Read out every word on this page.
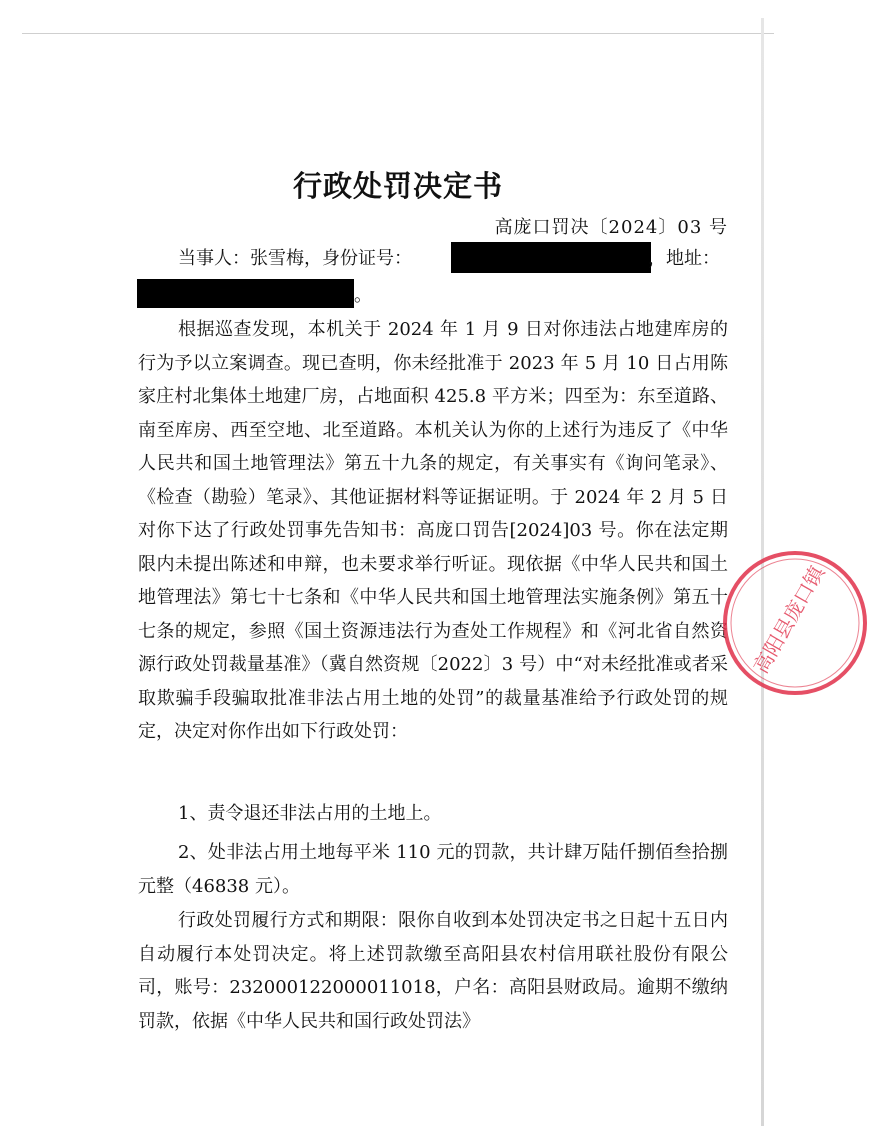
行政处罚决定书
高庞口罚决〔2024〕03 号
当事人：张雪梅，身份证号：	，地址：
。
根据巡查发现，本机关于 2024 年 1 月 9 日对你违法占地建库房的行为予以立案调查。现已查明，你未经批准于 2023 年 5 月 10 日占用陈家庄村北集体土地建厂房，占地面积 425.8 平方米；四至为：东至道路、南至库房、西至空地、北至道路。本机关认为你的上述行为违反了《中华人民共和国土地管理法》第五十九条的规定，有关事实有《询问笔录》、《检查（勘验）笔录》、其他证据材料等证据证明。于 2024 年 2 月 5 日对你下达了行政处罚事先告知书：高庞口罚告[2024]03 号。你在法定期限内未提出陈述和申辩，也未要求举行听证。现依据《中华人民共和国土地管理法》第七十七条和《中华人民共和国土地管理法实施条例》第五十七条的规定，参照《国土资源违法行为查处工作规程》和《河北省自然资源行政处罚裁量基准》（冀自然资规〔2022〕3 号）中“对未经批准或者采取欺骗手段骗取批准非法占用土地的处罚”的裁量基准给予行政处罚的规定，决定对你作出如下行政处罚：
1、责令退还非法占用的土地上。
2、处非法占用土地每平米 110 元的罚款，共计肆万陆仟捌佰叁拾捌元整（46838 元）。
行政处罚履行方式和期限：限你自收到本处罚决定书之日起十五日内自动履行本处罚决定。将上述罚款缴至高阳县农村信用联社股份有限公司，账号：23200012200001​1018，户名：高阳县财政局。逾期不缴纳罚款，依据《中华人民共和国行政处罚法》
高阳县庞口镇
